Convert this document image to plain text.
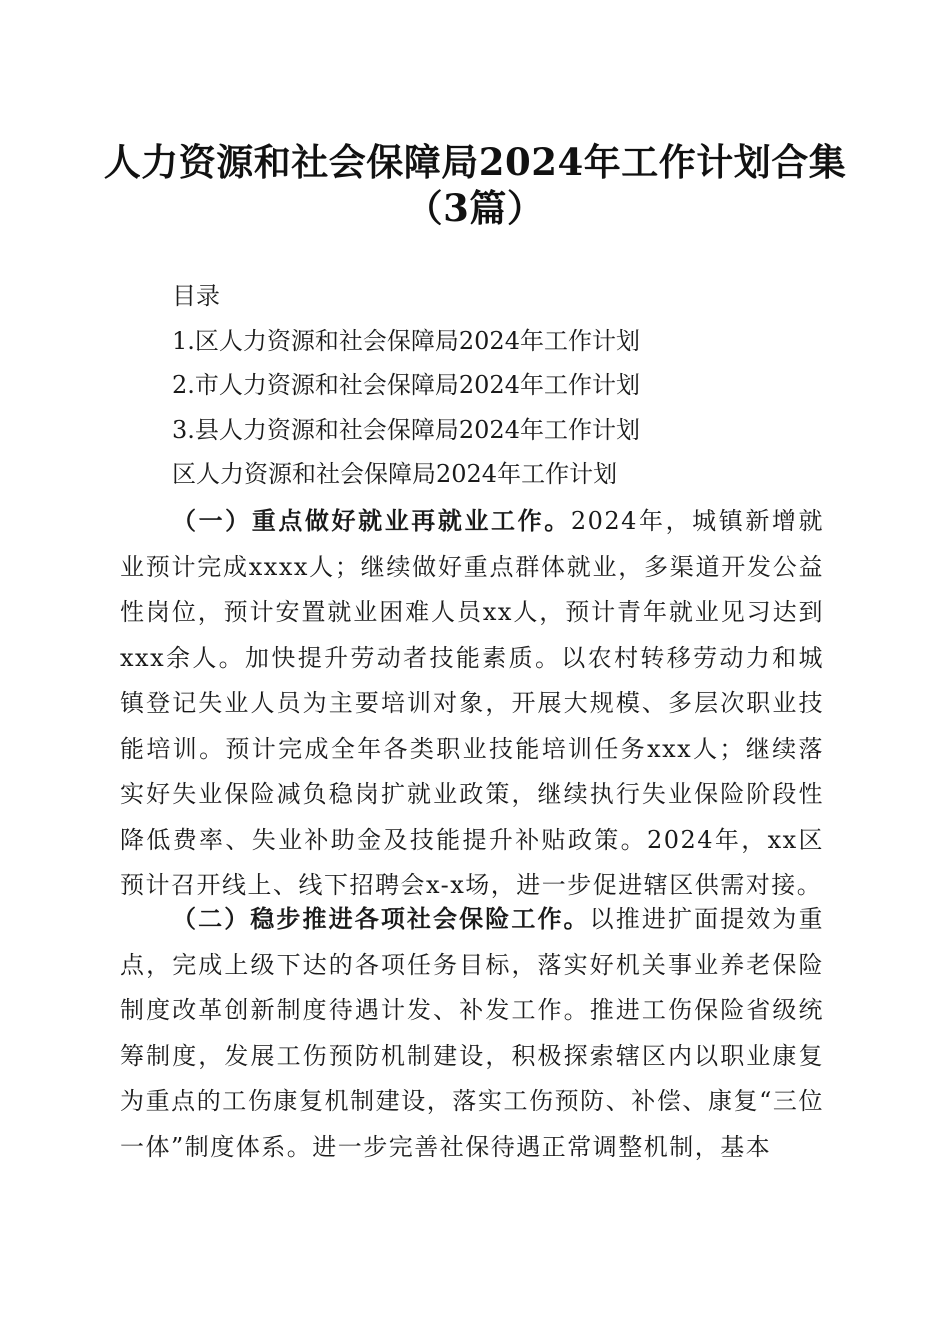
人力资源和社会保障局2024年工作计划合集
（3篇）
目录
1.区人力资源和社会保障局2024年工作计划
2.市人力资源和社会保障局2024年工作计划
3.县人力资源和社会保障局2024年工作计划
区人力资源和社会保障局2024年工作计划
（一）重点做好就业再就业工作。2024年，城镇新增就业预计完成xxxx人；继续做好重点群体就业，多渠道开发公益性岗位，预计安置就业困难人员xx人，预计青年就业见习达到xxx余人。加快提升劳动者技能素质。以农村转移劳动力和城镇登记失业人员为主要培训对象，开展大规模、多层次职业技能培训。预计完成全年各类职业技能培训任务xxx人；继续落实好失业保险减负稳岗扩就业政策，继续执行失业保险阶段性降低费率、失业补助金及技能提升补贴政策。2024年，xx区预计召开线上、线下招聘会x-x场，进一步促进辖区供需对接。
（二）稳步推进各项社会保险工作。以推进扩面提效为重点，完成上级下达的各项任务目标，落实好机关事业养老保险制度改革创新制度待遇计发、补发工作。推进工伤保险省级统筹制度，发展工伤预防机制建设，积极探索辖区内以职业康复为重点的工伤康复机制建设，落实工伤预防、补偿、康复“三位一体”制度体系。进一步完善社保待遇正常调整机制，基本
